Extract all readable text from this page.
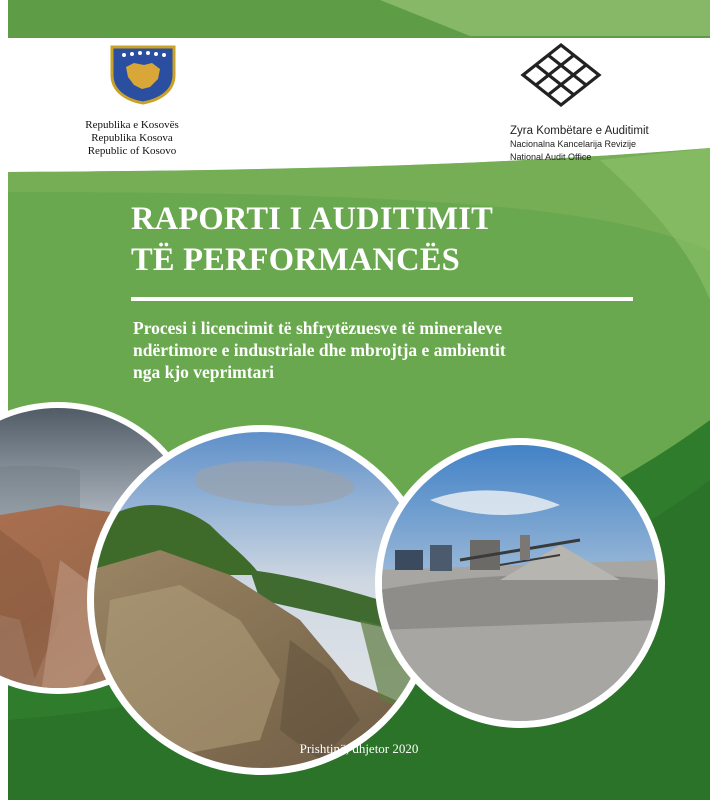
Republika e Kosovës
Republika Kosova
Republic of Kosovo
Zyra Kombëtare e Auditimit
Nacionalna Kancelarija Revizije
National Audit Office
RAPORTI I AUDITIMIT
TË PERFORMANCËS
Procesi i licencimit të shfrytëzuesve të mineraleve
ndërtimore e industriale dhe mbrojtja e ambientit
nga kjo veprimtari
Prishtinë, dhjetor 2020
